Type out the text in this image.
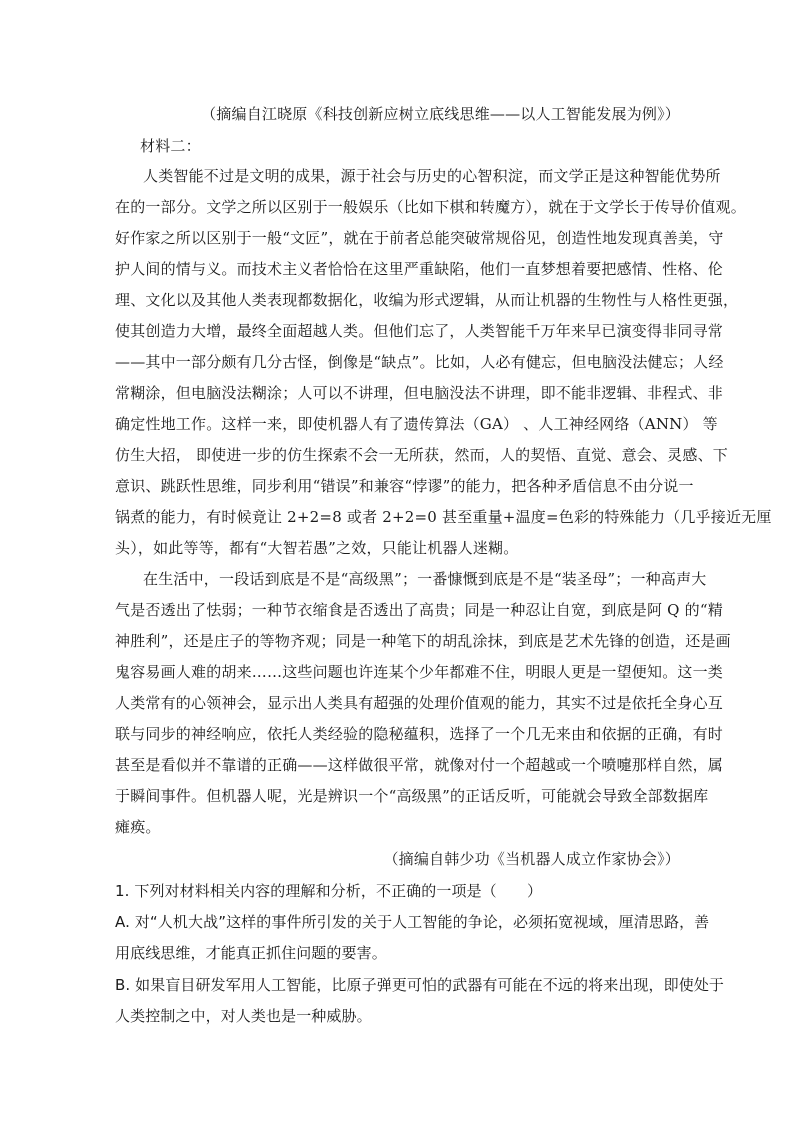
（摘编自江晓原《科技创新应树立底线思维——以人工智能发展为例》）
材料二：
人类智能不过是文明的成果，源于社会与历史的心智积淀，而文学正是这种智能优势所
在的一部分。文学之所以区别于一般娱乐（比如下棋和转魔方），就在于文学长于传导价值观。
好作家之所以区别于一般“文匠”，就在于前者总能突破常规俗见，创造性地发现真善美，守
护人间的情与义。而技术主义者恰恰在这里严重缺陷，他们一直梦想着要把感情、性格、伦
理、文化以及其他人类表现都数据化，收编为形式逻辑，从而让机器的生物性与人格性更强，
使其创造力大增，最终全面超越人类。但他们忘了，人类智能千万年来早已演变得非同寻常
——其中一部分颇有几分古怪，倒像是“缺点”。比如，人必有健忘，但电脑没法健忘；人经
常糊涂，但电脑没法糊涂；人可以不讲理，但电脑没法不讲理，即不能非逻辑、非程式、非
确定性地工作。这样一来，即使机器人有了遗传算法（GA） 、人工神经网络（ANN） 等
仿生大招， 即使进一步的仿生探索不会一无所获，然而，人的契悟、直觉、意会、灵感、下
意识、跳跃性思维，同步利用“错误”和兼容“悖谬”的能力，把各种矛盾信息不由分说一
锅煮的能力，有时候竟让 2+2=8 或者 2+2=0 甚至重量+温度=色彩的特殊能力（几乎接近无厘
头），如此等等，都有“大智若愚”之效，只能让机器人迷糊。
在生活中，一段话到底是不是“高级黑”；一番慷慨到底是不是“装圣母”；一种高声大
气是否透出了怯弱；一种节衣缩食是否透出了高贵；同是一种忍让自宽，到底是阿 Q 的“精
神胜利”，还是庄子的等物齐观；同是一种笔下的胡乱涂抹，到底是艺术先锋的创造，还是画
鬼容易画人难的胡来……这些问题也许连某个少年都难不住，明眼人更是一望便知。这一类
人类常有的心领神会，显示出人类具有超强的处理价值观的能力，其实不过是依托全身心互
联与同步的神经响应，依托人类经验的隐秘蕴积，选择了一个几无来由和依据的正确，有时
甚至是看似并不靠谱的正确——这样做很平常，就像对付一个超越或一个喷嚏那样自然，属
于瞬间事件。但机器人呢，光是辨识一个“高级黑”的正话反听，可能就会导致全部数据库
瘫痪。
（摘编自韩少功《当机器人成立作家协会》）
1. 下列对材料相关内容的理解和分析，不正确的一项是（　　）
A. 对“人机大战”这样的事件所引发的关于人工智能的争论，必须拓宽视域，厘清思路，善
用底线思维，才能真正抓住问题的要害。
B. 如果盲目研发军用人工智能，比原子弹更可怕的武器有可能在不远的将来出现，即使处于
人类控制之中，对人类也是一种威胁。
